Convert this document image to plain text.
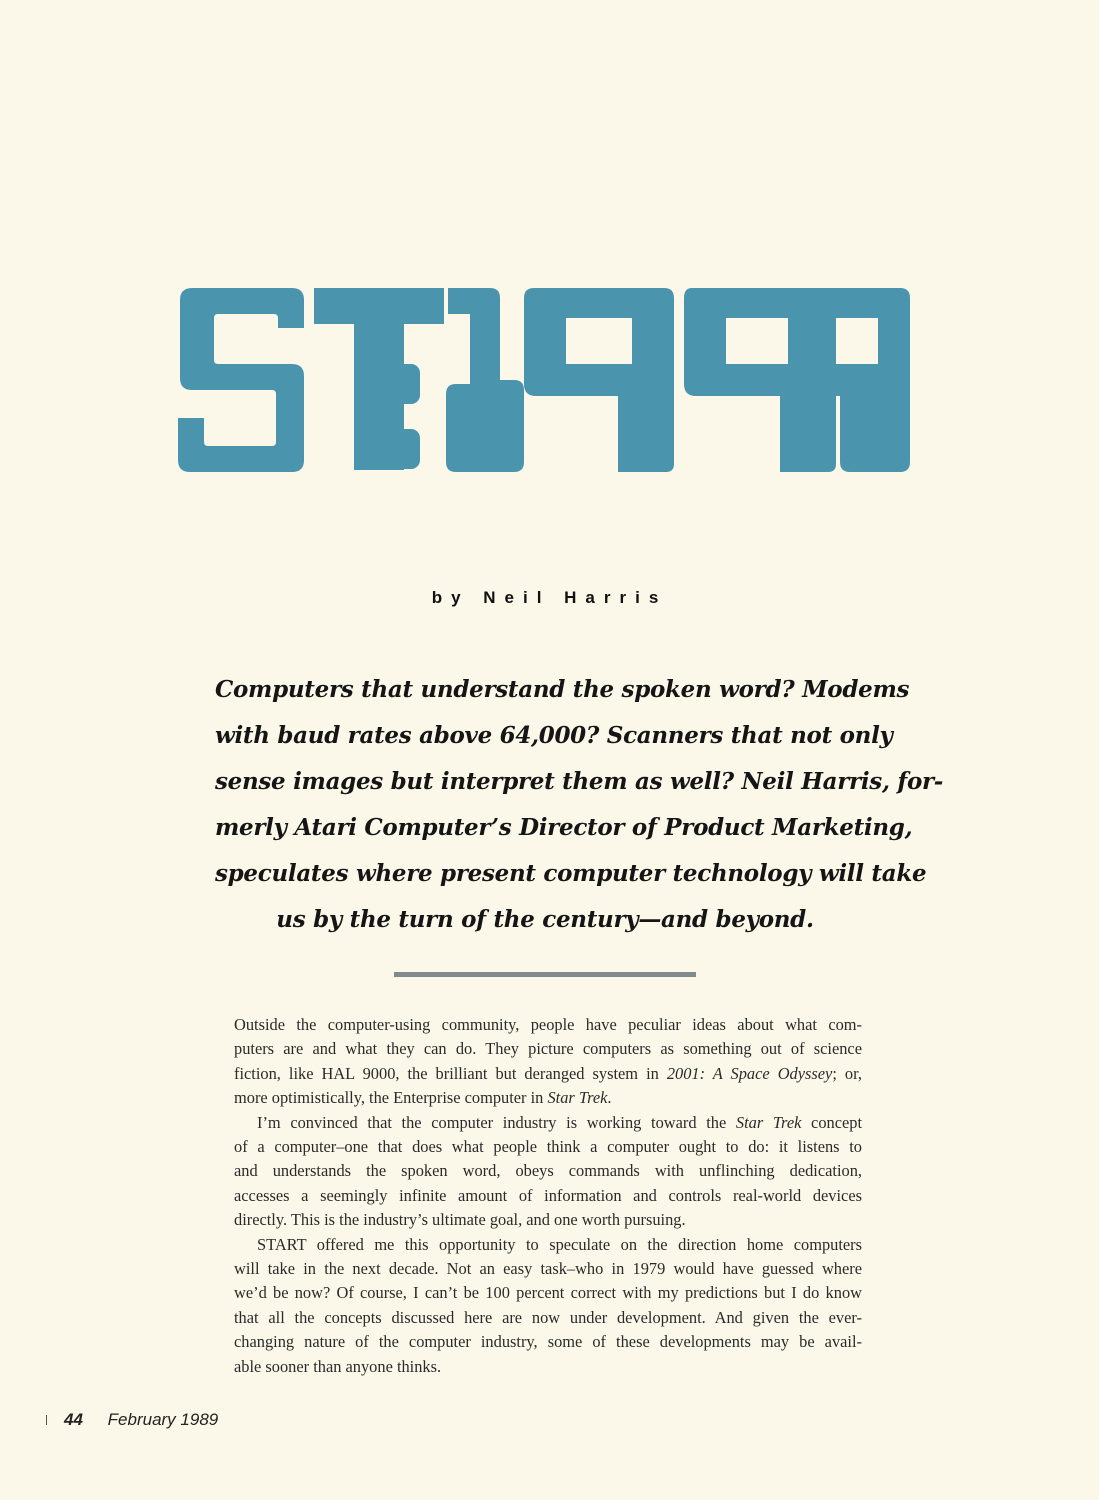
by Neil Harris
Computers that understand the spoken word? Modems
with baud rates above 64,000? Scanners that not only
sense images but interpret them as well? Neil Harris, for-
merly Atari Computer’s Director of Product Marketing,
speculates where present computer technology will take
us by the turn of the century—and beyond.

Outside the computer-using community, people have peculiar ideas about what com-
puters are and what they can do. They picture computers as something out of science
fiction, like HAL 9000, the brilliant but deranged system in 2001: A Space Odyssey; or,
more optimistically, the Enterprise computer in Star Trek.

I’m convinced that the computer industry is working toward the Star Trek concept
of a computer–one that does what people think a computer ought to do: it listens to
and understands the spoken word, obeys commands with unflinching dedication,
accesses a seemingly infinite amount of information and controls real-world devices
directly. This is the industry’s ultimate goal, and one worth pursuing.

START offered me this opportunity to speculate on the direction home computers
will take in the next decade. Not an easy task–who in 1979 would have guessed where
we’d be now? Of course, I can’t be 100 percent correct with my predictions but I do know
that all the concepts discussed here are now under development. And given the ever-
changing nature of the computer industry, some of these developments may be avail-
able sooner than anyone thinks.

44 February 1989
